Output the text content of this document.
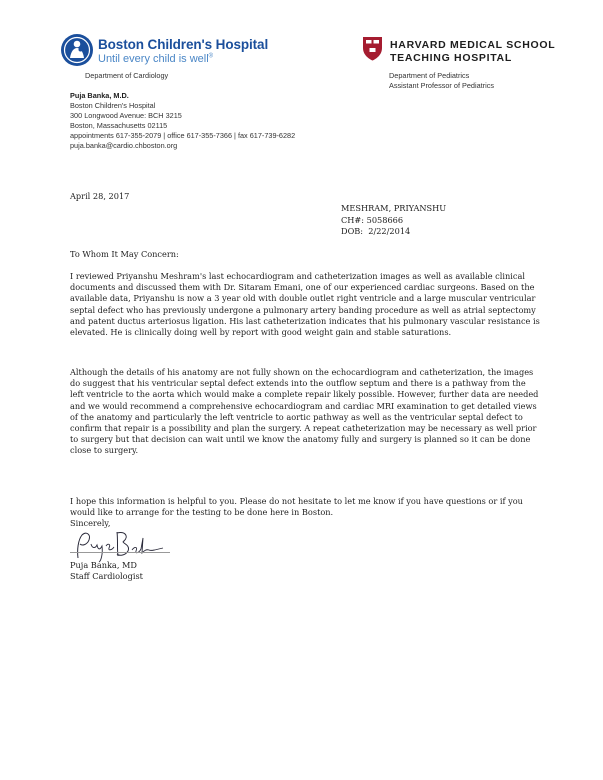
Boston Children's Hospital
Until every child is well®
Department of Cardiology
HARVARD MEDICAL SCHOOL
TEACHING HOSPITAL
Department of Pediatrics
Assistant Professor of Pediatrics
Puja Banka, M.D.
Boston Children's Hospital
300 Longwood Avenue: BCH 3215
Boston, Massachusetts 02115
appointments 617-355-2079 | office 617-355-7366 | fax 617-739-6282
puja.banka@cardio.chboston.org
April 28, 2017
MESHRAM, PRIYANSHU
CH#: 5058666
DOB:  2/22/2014
To Whom It May Concern:

I reviewed Priyanshu Meshram's last echocardiogram and catheterization images as well as available clinical documents and discussed them with Dr. Sitaram Emani, one of our experienced cardiac surgeons. Based on the available data, Priyanshu is now a 3 year old with double outlet right ventricle and a large muscular ventricular septal defect who has previously undergone a pulmonary artery banding procedure as well as atrial septectomy and patent ductus arteriosus ligation. His last catheterization indicates that his pulmonary vascular resistance is elevated. He is clinically doing well by report with good weight gain and stable saturations.

Although the details of his anatomy are not fully shown on the echocardiogram and catheterization, the images do suggest that his ventricular septal defect extends into the outflow septum and there is a pathway from the left ventricle to the aorta which would make a complete repair likely possible. However, further data are needed and we would recommend a comprehensive echocardiogram and cardiac MRI examination to get detailed views of the anatomy and particularly the left ventricle to aortic pathway as well as the ventricular septal defect to confirm that repair is a possibility and plan the surgery. A repeat catheterization may be necessary as well prior to surgery but that decision can wait until we know the anatomy fully and surgery is planned so it can be done close to surgery.

I hope this information is helpful to you. Please do not hesitate to let me know if you have questions or if you would like to arrange for the testing to be done here in Boston.

Sincerely,
Puja Banka, MD
Staff Cardiologist
